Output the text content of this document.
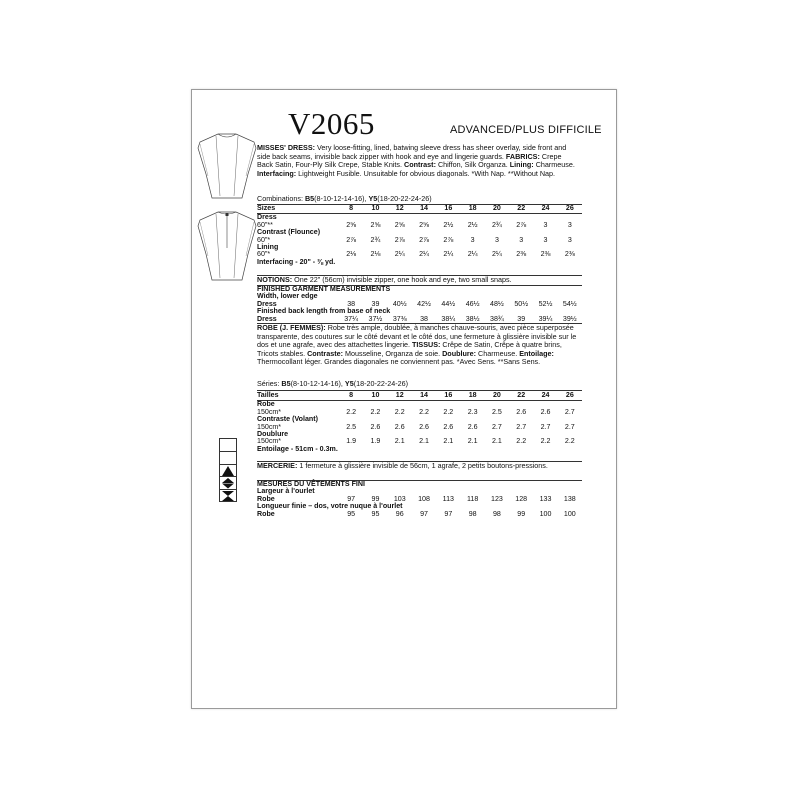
V2065	ADVANCED/PLUS DIFFICILE
MISSES' DRESS: Very loose-fitting, lined, batwing sleeve dress has sheer overlay, side front and side back seams, invisible back zipper with hook and eye and lingerie guards. FABRICS: Crepe Back Satin, Four-Ply Silk Crepe, Stable Knits. Contrast: Chiffon, Silk Organza. Lining: Charmeuse. Interfacing: Lightweight Fusible. Unsuitable for obvious diagonals. *With Nap. **Without Nap.
Combinations: B5(8-10-12-14-16), Y5(18-20-22-24-26)
Sizes	8	10	12	14	16	18	20	22	24	26
Dress										
60"**	2⅝	2⅝	2⅝	2⅝	2½	2½	2¾	2⅞	3	3
Contrast (Flounce)										
60"*	2⅞	2¾	2⅞	2⅞	2⅞	3	3	3	3	3
Lining										
60"*	2⅛	2⅛	2¼	2¼	2¼	2¼	2¼	2⅜	2⅜	2⅜
Interfacing - 20" - ⅜ yd.										
NOTIONS: One 22" (56cm) invisible zipper, one hook and eye, two small snaps.
FINISHED GARMENT MEASUREMENTS										
Width, lower edge										
Dress	38	39	40½	42½	44½	46½	48½	50½	52½	54½
Finished back length from base of neck										
Dress	37¼	37½	37⅜	38	38¼	38½	38¾	39	39¼	39½
ROBE (J. FEMMES): Robe très ample, doublée, à manches chauve-souris, avec pièce superposée transparente, des coutures sur le côté devant et le côté dos, une fermeture à glissière invisible sur le dos et une agrafe, avec des attachettes lingerie. TISSUS: Crêpe de Satin, Crêpe à quatre brins, Tricots stables. Contraste: Mousseline, Organza de soie. Doublure: Charmeuse. Entoilage: Thermocollant léger. Grandes diagonales ne conviennent pas. *Avec Sens. **Sans Sens.
Séries: B5(8-10-12-14-16), Y5(18-20-22-24-26)
Tailles	8	10	12	14	16	18	20	22	24	26
Robe										
150cm*	2.2	2.2	2.2	2.2	2.2	2.3	2.5	2.6	2.6	2.7
Contraste (Volant)										
150cm*	2.5	2.6	2.6	2.6	2.6	2.6	2.7	2.7	2.7	2.7
Doublure										
150cm*	1.9	1.9	2.1	2.1	2.1	2.1	2.1	2.2	2.2	2.2
Entoilage - 51cm - 0.3m.										
MERCERIE: 1 fermeture à glissière invisible de 56cm, 1 agrafe, 2 petits boutons-pressions.
MESURES DU VÊTEMENTS FINI										
Largeur à l'ourlet										
Robe	97	99	103	108	113	118	123	128	133	138
Longueur finie – dos, votre nuque à l'ourlet										
Robe	95	95	96	97	97	98	98	99	100	100
